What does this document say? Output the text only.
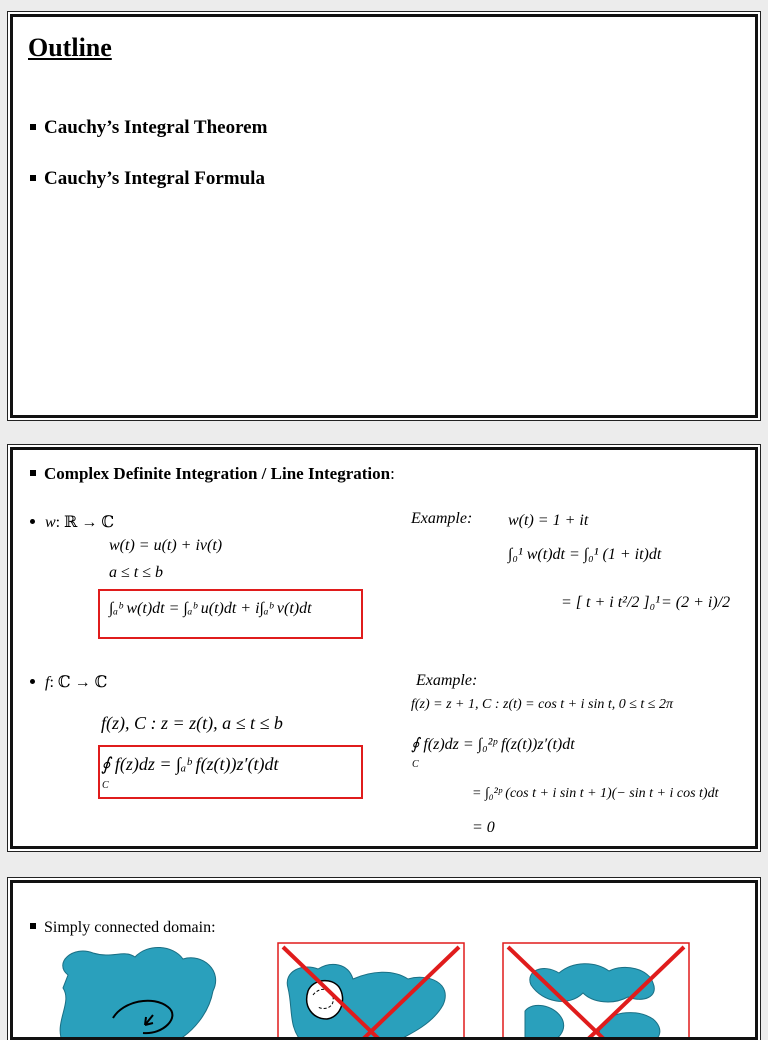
Outline
Cauchy’s Integral Theorem
Cauchy’s Integral Formula
Complex Definite Integration / Line Integration:
w: ℝ → ℂ
w(t) = u(t) + iv(t)
a ≤ t ≤ b
∫ₐᵇ w(t)dt = ∫ₐᵇ u(t)dt + i∫ₐᵇ v(t)dt
f: ℂ → ℂ
f(z), C : z = z(t), a ≤ t ≤ b
∮ f(z)dz = ∫ₐᵇ f(z(t))z′(t)dt
C
Example: w(t) = 1 + it
∫₀¹ w(t)dt = ∫₀¹ (1 + it)dt
= [ t + i t²/2 ]₀¹ = (2 + i)/2
Example:
f(z) = z + 1, C : z(t) = cos t + i sin t, 0 ≤ t ≤ 2π
∮ f(z)dz = ∫₀²ᵖ f(z(t))z′(t)dt
C
= ∫₀²ᵖ (cos t + i sin t + 1)(− sin t + i cos t)dt
= 0
Simply connected domain:
